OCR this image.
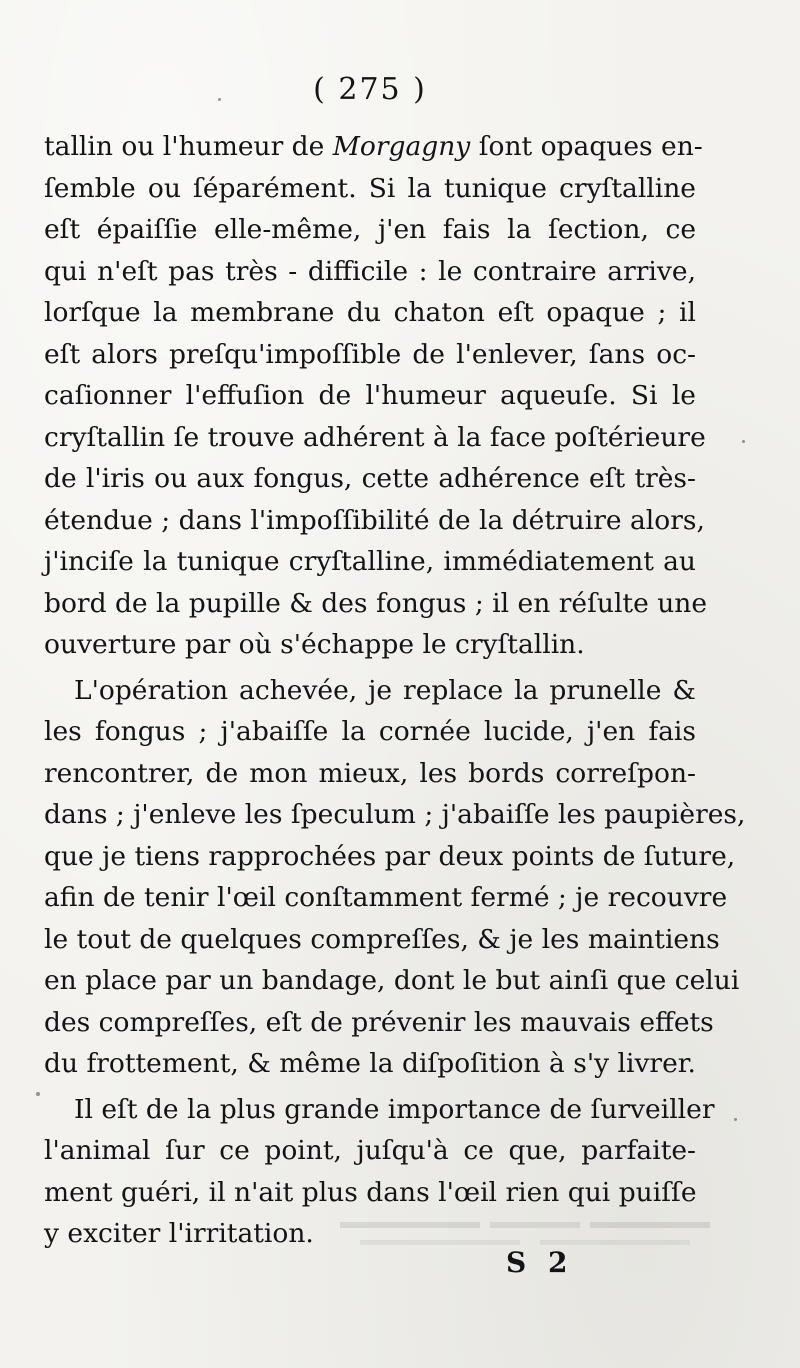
( 275 )
tallin ou l'humeur de Morgagny ſont opaques en-
ſemble ou ſéparément. Si la tunique cryſtalline
eſt épaiſſie elle-même, j'en fais la ſection, ce
qui n'eſt pas très - difficile : le contraire arrive,
lorſque la membrane du chaton eſt opaque ; il
eſt alors preſqu'impoſſible de l'enlever, ſans oc-
caſionner l'effuſion de l'humeur aqueuſe. Si le
cryſtallin ſe trouve adhérent à la face poſtérieure
de l'iris ou aux fongus, cette adhérence eſt très-
étendue ; dans l'impoſſibilité de la détruire alors,
j'inciſe la tunique cryſtalline, immédiatement au
bord de la pupille & des fongus ; il en réſulte une
ouverture par où s'échappe le cryſtallin.
L'opération achevée, je replace la prunelle &
les fongus ; j'abaiſſe la cornée lucide, j'en fais
rencontrer, de mon mieux, les bords correſpon-
dans ; j'enleve les ſpeculum ; j'abaiſſe les paupières,
que je tiens rapprochées par deux points de ſuture,
afin de tenir l'œil conſtamment fermé ; je recouvre
le tout de quelques compreſſes, & je les maintiens
en place par un bandage, dont le but ainſi que celui
des compreſſes, eſt de prévenir les mauvais effets
du frottement, & même la diſpoſition à s'y livrer.
Il eſt de la plus grande importance de ſurveiller
l'animal ſur ce point, juſqu'à ce que, parfaite-
ment guéri, il n'ait plus dans l'œil rien qui puiſſe
y exciter l'irritation.
S 2
